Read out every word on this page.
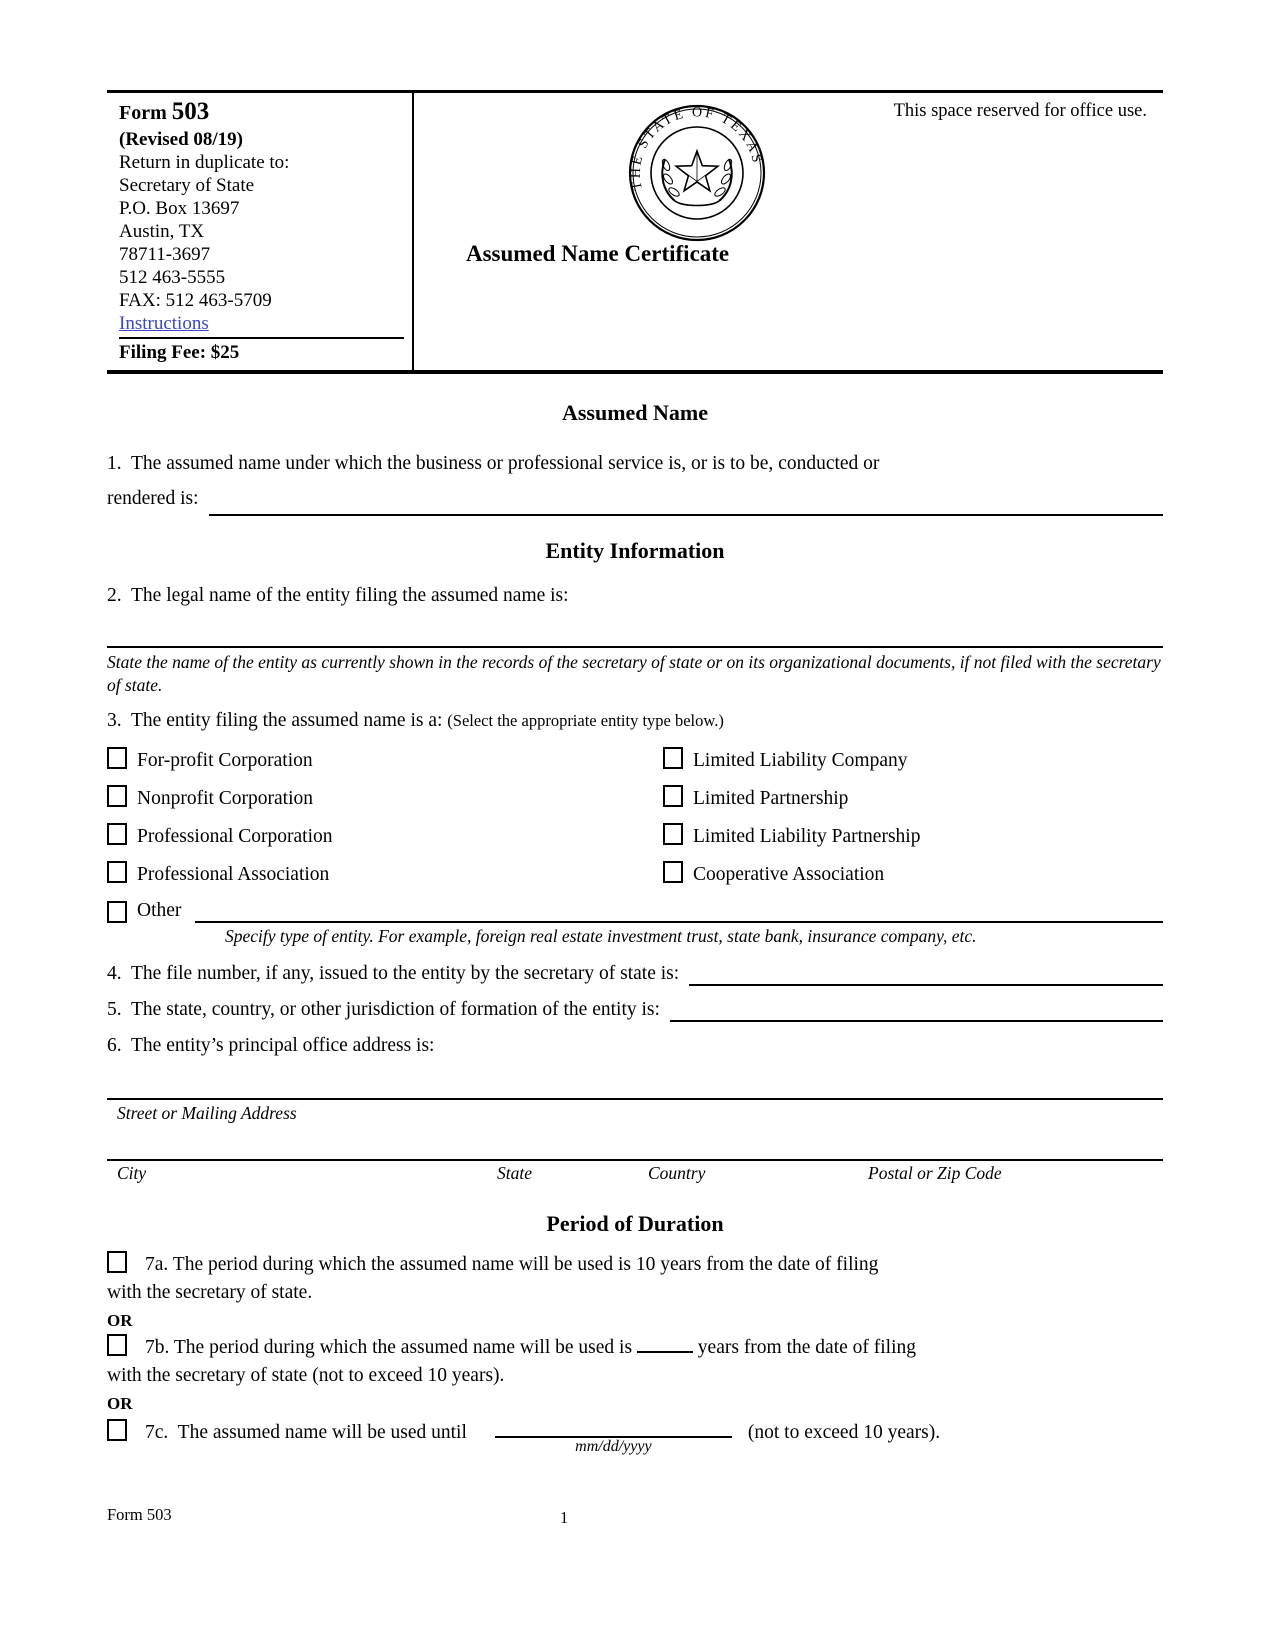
Form 503
(Revised 08/19)
Return in duplicate to:
Secretary of State
P.O. Box 13697
Austin, TX
78711-3697
512 463-5555
FAX: 512 463-5709
Instructions
Filing Fee: $25
This space reserved for office use.
THE STATE OF TEXAS
Assumed Name Certificate
Assumed Name

1.  The assumed name under which the business or professional service is, or is to be, conducted or

rendered is:
Entity Information

2.  The legal name of the entity filing the assumed name is:

State the name of the entity as currently shown in the records of the secretary of state or on its organizational documents, if not filed with the secretary of state.

3.  The entity filing the assumed name is a: (Select the appropriate entity type below.)

For-profit Corporation	Limited Liability Company
Nonprofit Corporation	Limited Partnership
Professional Corporation	Limited Liability Partnership
Professional Association	Cooperative Association
Other

Specify type of entity. For example, foreign real estate investment trust, state bank, insurance company, etc.

4.  The file number, if any, issued to the entity by the secretary of state is:
5.  The state, country, or other jurisdiction of formation of the entity is:

6.  The entity’s principal office address is:

Street or Mailing Address

City	State	Country	Postal or Zip Code
Period of Duration

7a. The period during which the assumed name will be used is 10 years from the date of filing
with the secretary of state.

OR

7b. The period during which the assumed name will be used is	years from the date of filing
with the secretary of state (not to exceed 10 years).

OR

7c.  The assumed name will be used until
mm/dd/yyyy
(not to exceed 10 years).

Form 503	1
